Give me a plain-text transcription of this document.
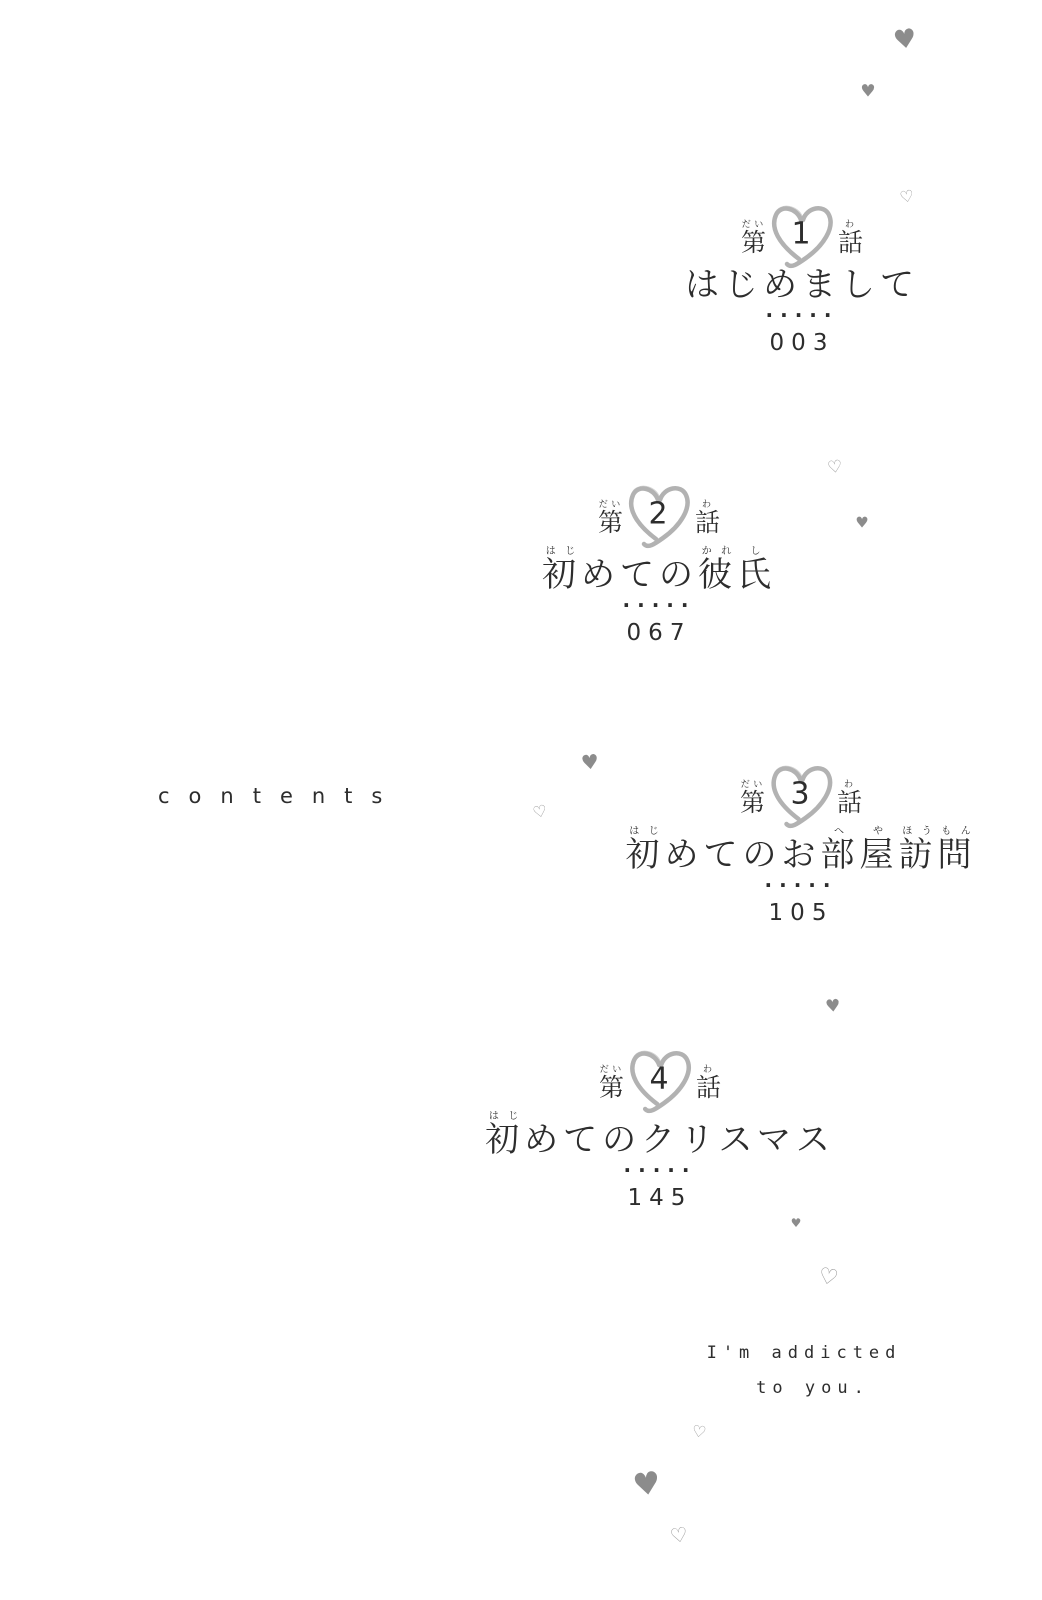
第だい 1 話わ
はじめまして
·····
003
第だい 2 話わ
初はじめての彼かれ氏し
·····
067
contents	第だい 3 話わ
初はじめてのお部へ屋や訪ほう問もん
·····
105
第だい 4 話わ
初はじめてのクリスマス
·····
145
I'm addicted
to you.
♥
♥
♡
♡
♥
♥
♡
♥
♥
♡
♡
♥
♡
